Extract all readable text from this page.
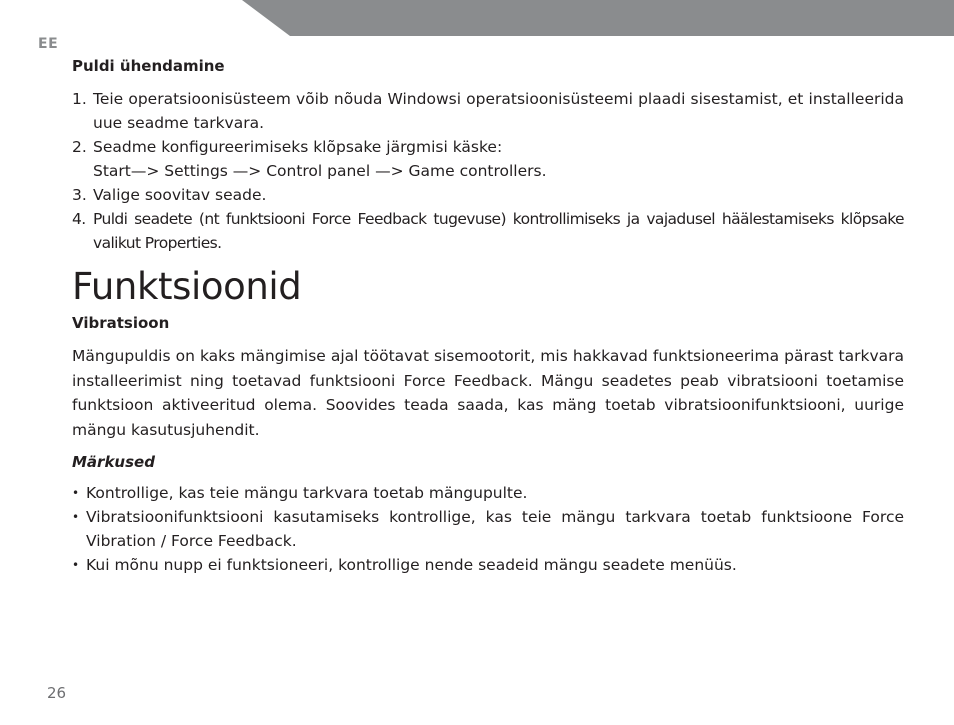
EE
Puldi ühendamine
1. Teie operatsioonisüsteem võib nõuda Windowsi operatsioonisüsteemi plaadi sisestamist, et installeerida uue seadme tarkvara.
2. Seadme konfigureerimiseks klõpsake järgmisi käske:
Start—> Settings —> Control panel —> Game controllers.
3. Valige soovitav seade.
4. Puldi seadete (nt funktsiooni Force Feedback tugevuse) kontrollimiseks ja vajadusel häälestamiseks klõpsake valikut Properties.
Funktsioonid
Vibratsioon

Mängupuldis on kaks mängimise ajal töötavat sisemootorit, mis hakkavad funktsioneerima pärast tarkvara installeerimist ning toetavad funktsiooni Force Feedback. Mängu seadetes peab vibratsiooni toetamise funktsioon aktiveeritud olema. Soovides teada saada, kas mäng toetab vibratsioonifunktsiooni, uurige mängu kasutusjuhendit.

Märkused
• Kontrollige, kas teie mängu tarkvara toetab mängupulte.
• Vibratsioonifunktsiooni kasutamiseks kontrollige, kas teie mängu tarkvara toetab funktsioone Force Vibration / Force Feedback.
• Kui mõnu nupp ei funktsioneeri, kontrollige nende seadeid mängu seadete menüüs.
26
